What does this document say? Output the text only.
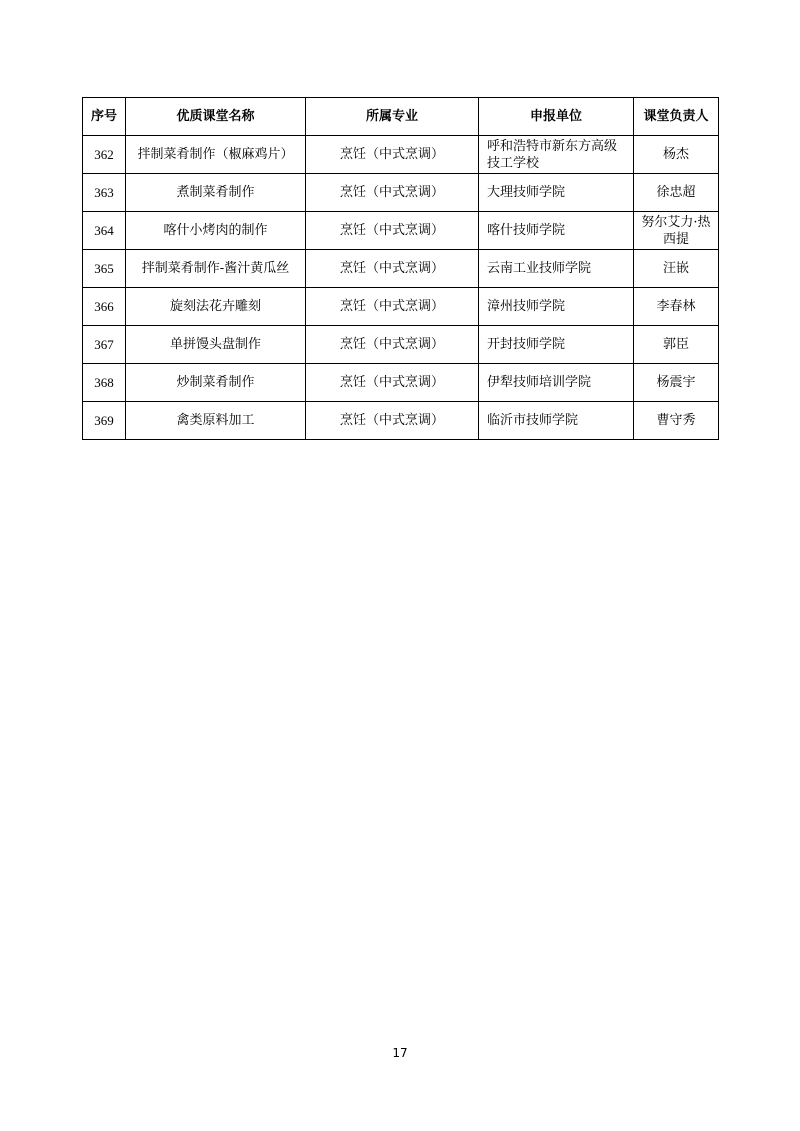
序号	优质课堂名称	所属专业	申报单位	课堂负责人
362	拌制菜肴制作（椒麻鸡片）	烹饪（中式烹调）	呼和浩特市新东方高级技工学校	杨杰
363	煮制菜肴制作	烹饪（中式烹调）	大理技师学院	徐忠超
364	喀什小烤肉的制作	烹饪（中式烹调）	喀什技师学院	努尔艾力·热西提
365	拌制菜肴制作-酱汁黄瓜丝	烹饪（中式烹调）	云南工业技师学院	汪嵌
366	旋刻法花卉雕刻	烹饪（中式烹调）	漳州技师学院	李春林
367	单拼馒头盘制作	烹饪（中式烹调）	开封技师学院	郭臣
368	炒制菜肴制作	烹饪（中式烹调）	伊犁技师培训学院	杨震宇
369	禽类原料加工	烹饪（中式烹调）	临沂市技师学院	曹守秀
17
